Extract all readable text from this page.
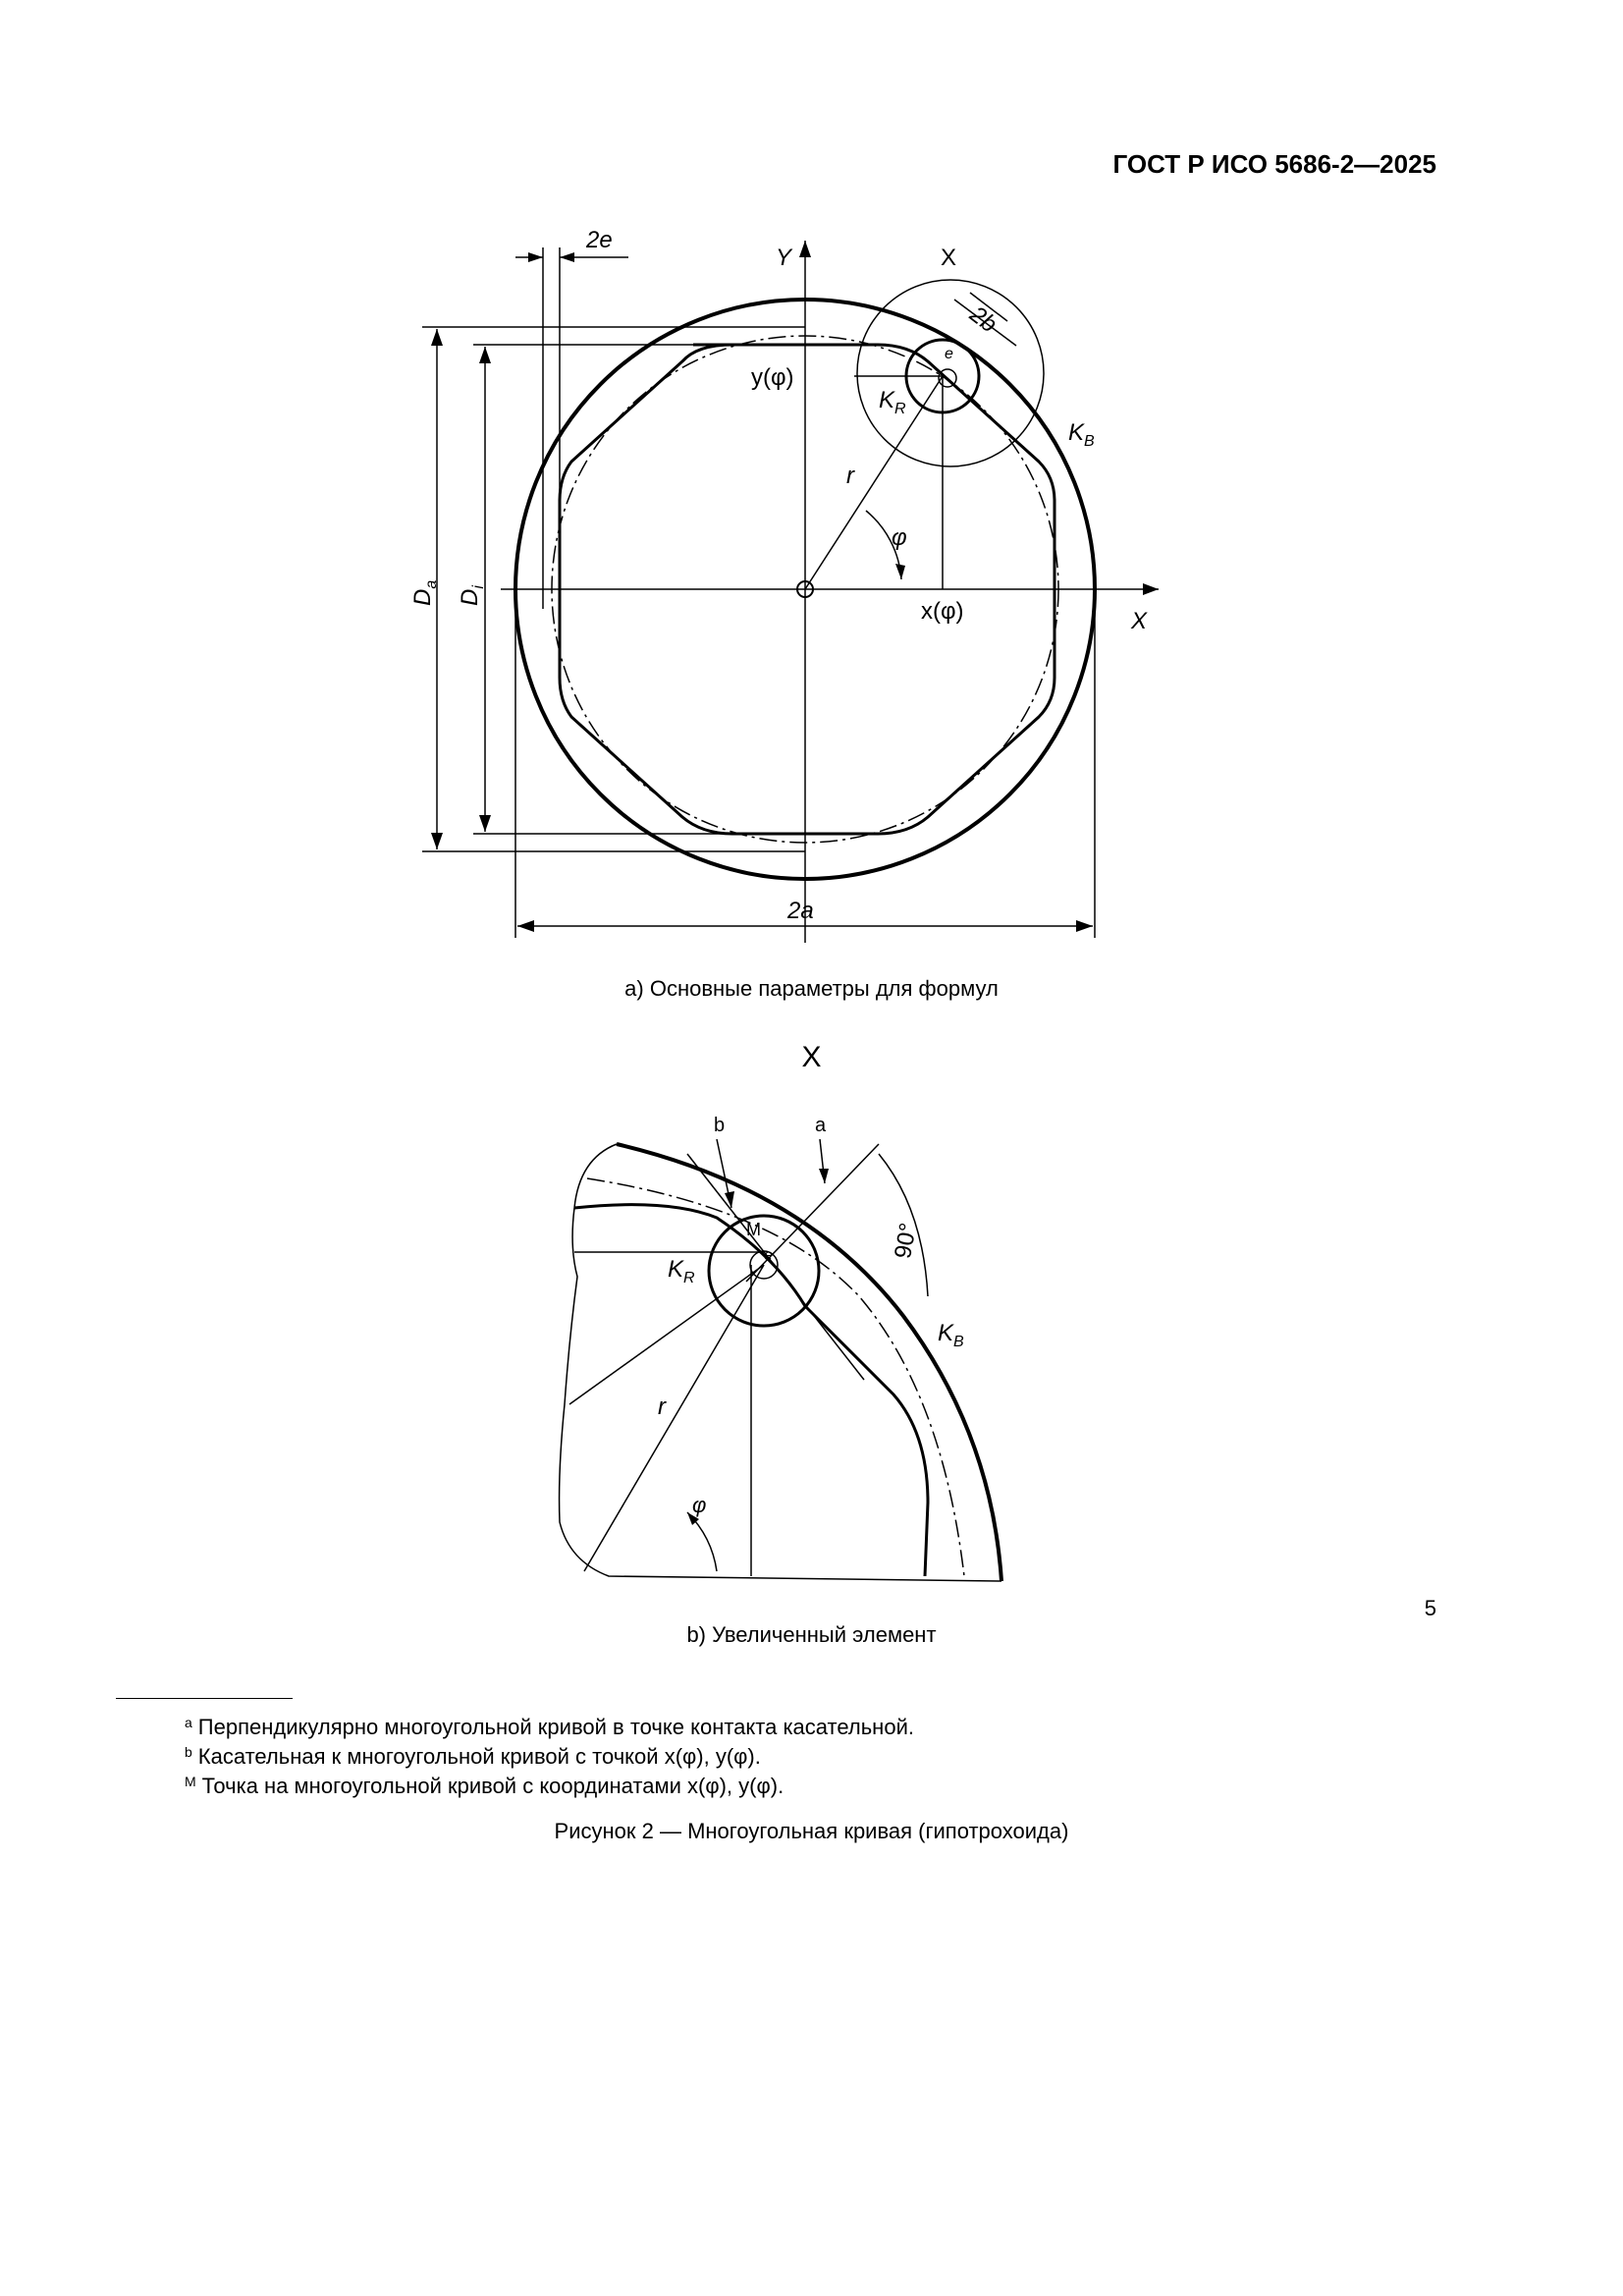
ГОСТ Р ИСО 5686-2—2025
2e
Y	X
2b
e
y(φ)
$K_R$
$K_B$
r
φ
x(φ)	X
$D_a$
$D_i$
2a
а) Основные параметры для формул
b	a
M
e
$K_R$
90°
$K_B$
r
φ
X
b) Увеличенный элемент
$^a$ Перпендикулярно многоугольной кривой в точке контакта касательной.
$^b$ Касательная к многоугольной кривой с точкой x(φ), y(φ).
$^M$ Точка на многоугольной кривой с координатами x(φ), y(φ).
Рисунок 2 — Многоугольная кривая (гипотрохоида)
5
